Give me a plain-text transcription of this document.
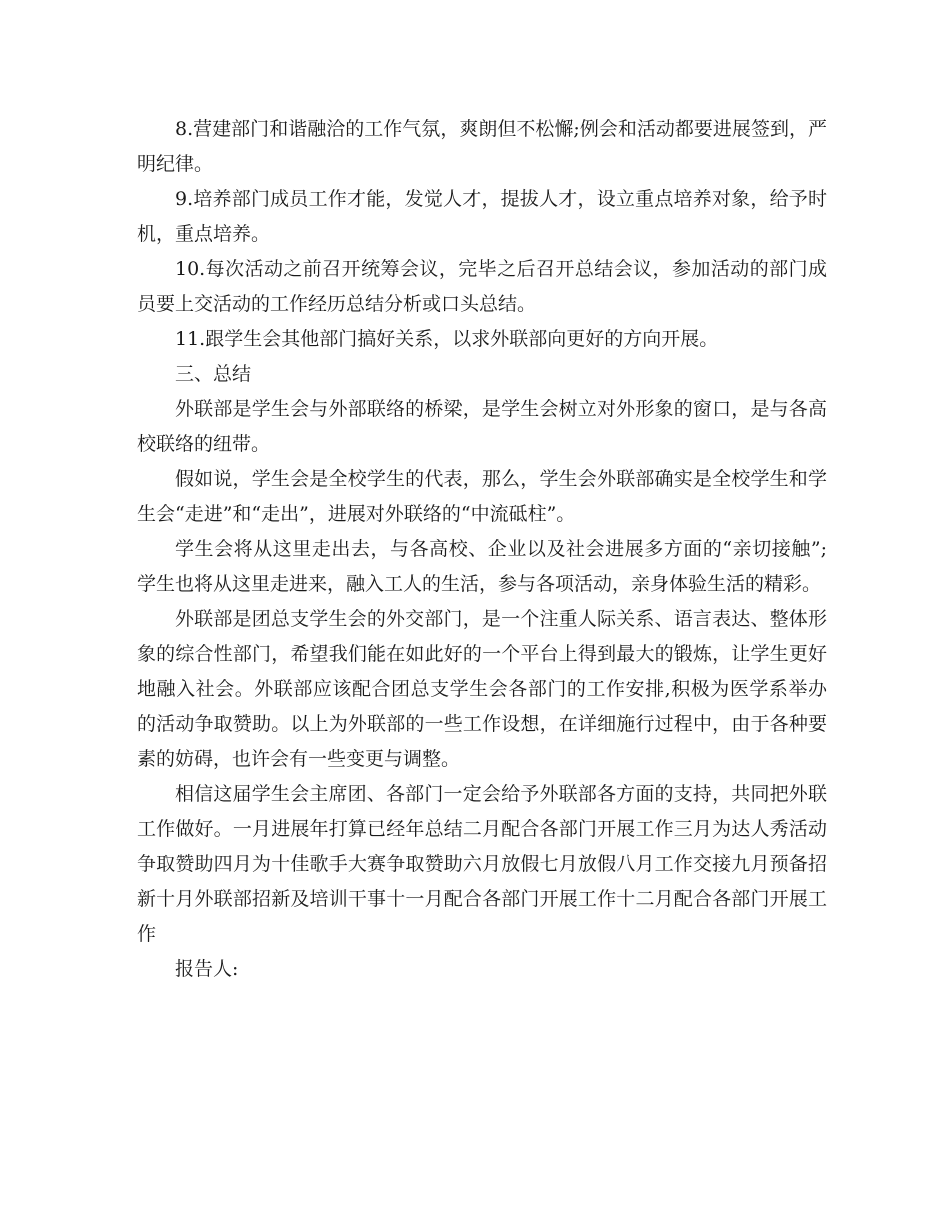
8.营建部门和谐融洽的工作气氛，爽朗但不松懈;例会和活动都要进展签到，严明纪律。

9.培养部门成员工作才能，发觉人才，提拔人才，设立重点培养对象，给予时机，重点培养。

10.每次活动之前召开统筹会议，完毕之后召开总结会议，参加活动的部门成员要上交活动的工作经历总结分析或口头总结。

11.跟学生会其他部门搞好关系，以求外联部向更好的方向开展。

三、总结

外联部是学生会与外部联络的桥梁，是学生会树立对外形象的窗口，是与各高校联络的纽带。

假如说，学生会是全校学生的代表，那么，学生会外联部确实是全校学生和学生会“走进”和“走出”，进展对外联络的“中流砥柱”。

学生会将从这里走出去，与各高校、企业以及社会进展多方面的“亲切接触”;学生也将从这里走进来，融入工人的生活，参与各项活动，亲身体验生活的精彩。

外联部是团总支学生会的外交部门，是一个注重人际关系、语言表达、整体形象的综合性部门，希望我们能在如此好的一个平台上得到最大的锻炼，让学生更好地融入社会。外联部应该配合团总支学生会各部门的工作安排,积极为医学系举办的活动争取赞助。以上为外联部的一些工作设想，在详细施行过程中，由于各种要素的妨碍，也许会有一些变更与调整。

相信这届学生会主席团、各部门一定会给予外联部各方面的支持，共同把外联工作做好。一月进展年打算已经年总结二月配合各部门开展工作三月为达人秀活动争取赞助四月为十佳歌手大赛争取赞助六月放假七月放假八月工作交接九月预备招新十月外联部招新及培训干事十一月配合各部门开展工作十二月配合各部门开展工作

报告人:
